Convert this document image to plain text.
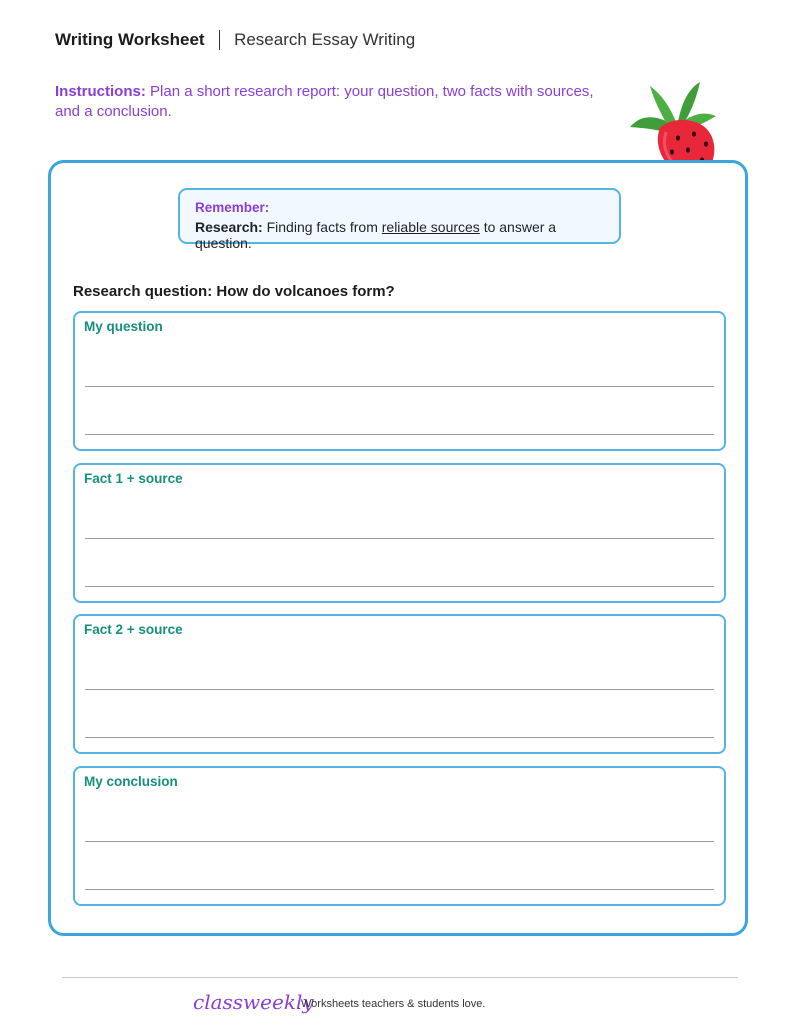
Writing Worksheet Research Essay Writing
Instructions: Plan a short research report: your question, two facts with sources, and a conclusion.
Remember:
Research: Finding facts from reliable sources to answer a question.
Research question: How do volcanoes form?
My question
Fact 1 + source
Fact 2 + source
My conclusion
classweekly
Worksheets teachers & students love.
